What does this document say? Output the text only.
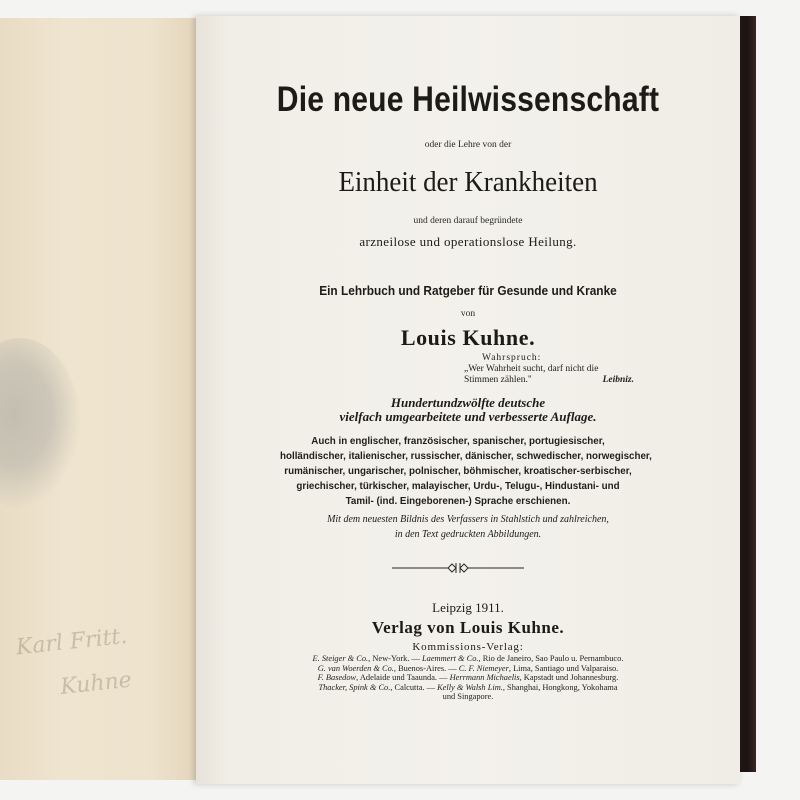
Karl Fritt.
Kuhne
Die neue Heilwissenschaft
oder die Lehre von der
Einheit der Krankheiten
und deren darauf begründete
arzneilose und operationslose Heilung.
Ein Lehrbuch und Ratgeber für Gesunde und Kranke
von
Louis Kuhne.
Wahrspruch:
„Wer Wahrheit sucht, darf nicht die
Stimmen zählen."	Leibniz.
Hundertundzwölfte deutsche
vielfach umgearbeitete und verbesserte Auflage.
Auch in englischer, französischer, spanischer, portugiesischer,
holländischer, italienischer, russischer, dänischer, schwedischer, norwegischer,
rumänischer, ungarischer, polnischer, böhmischer, kroatischer-serbischer,
griechischer, türkischer, malayischer, Urdu-, Telugu-, Hindustani- und
Tamil- (ind. Eingeborenen-) Sprache erschienen.
Mit dem neuesten Bildnis des Verfassers in Stahlstich und zahlreichen,
in den Text gedruckten Abbildungen.
Leipzig 1911.
Verlag von Louis Kuhne.
Kommissions-Verlag:
E. Steiger & Co., New-York. — Laemmert & Co., Rio de Janeiro, Sao Paulo u. Pernambuco.
G. van Woerden & Co., Buenos-Aires. — C. F. Niemeyer, Lima, Santiago und Valparaiso.
F. Basedow, Adelaide und Taaunda. — Herrmann Michaelis, Kapstadt und Johannesburg.
Thacker, Spink & Co., Calcutta. — Kelly & Walsh Lim., Shanghai, Hongkong, Yokohama
und Singapore.
